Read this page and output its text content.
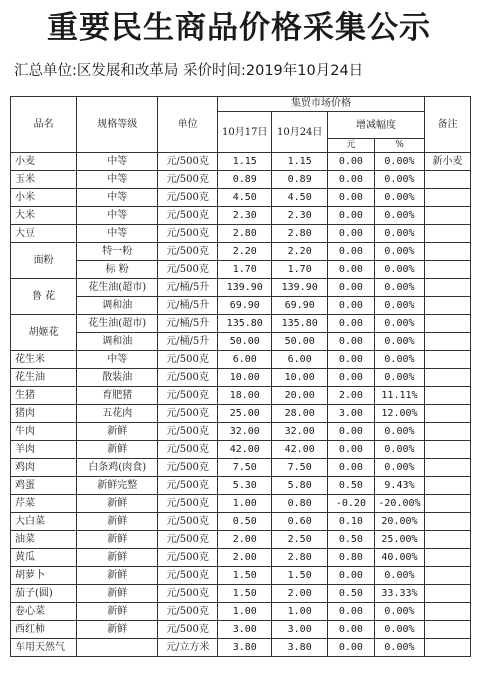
重要民生商品价格采集公示
汇总单位:区发展和改革局 采价时间:2019年10月24日
品名	规格等级	单位	集贸市场价格				备注
			10月17日	10月24日	增减幅度		
					元	%	
小麦	中等	元/500克	1.15	1.15	0.00	0.00%	新小麦
玉米	中等	元/500克	0.89	0.89	0.00	0.00%	
小米	中等	元/500克	4.50	4.50	0.00	0.00%	
大米	中等	元/500克	2.30	2.30	0.00	0.00%	
大豆	中等	元/500克	2.80	2.80	0.00	0.00%	
面粉	特一粉	元/500克	2.20	2.20	0.00	0.00%	
	标 粉	元/500克	1.70	1.70	0.00	0.00%	
鲁 花	花生油(超市)	元/桶/5升	139.90	139.90	0.00	0.00%	
	调和油	元/桶/5升	69.90	69.90	0.00	0.00%	
胡姬花	花生油(超市)	元/桶/5升	135.80	135.80	0.00	0.00%	
	调和油	元/桶/5升	50.00	50.00	0.00	0.00%	
花生米	中等	元/500克	6.00	6.00	0.00	0.00%	
花生油	散装油	元/500克	10.00	10.00	0.00	0.00%	
生猪	育肥猪	元/500克	18.00	20.00	2.00	11.11%	
猪肉	五花肉	元/500克	25.00	28.00	3.00	12.00%	
牛肉	新鲜	元/500克	32.00	32.00	0.00	0.00%	
羊肉	新鲜	元/500克	42.00	42.00	0.00	0.00%	
鸡肉	白条鸡(肉食)	元/500克	7.50	7.50	0.00	0.00%	
鸡蛋	新鲜完整	元/500克	5.30	5.80	0.50	9.43%	
芹菜	新鲜	元/500克	1.00	0.80	-0.20	-20.00%	
大白菜	新鲜	元/500克	0.50	0.60	0.10	20.00%	
油菜	新鲜	元/500克	2.00	2.50	0.50	25.00%	
黄瓜	新鲜	元/500克	2.00	2.80	0.80	40.00%	
胡萝卜	新鲜	元/500克	1.50	1.50	0.00	0.00%	
茄子(圆)	新鲜	元/500克	1.50	2.00	0.50	33.33%	
卷心菜	新鲜	元/500克	1.00	1.00	0.00	0.00%	
西红柿	新鲜	元/500克	3.00	3.00	0.00	0.00%	
车用天然气		元/立方米	3.80	3.80	0.00	0.00%	
